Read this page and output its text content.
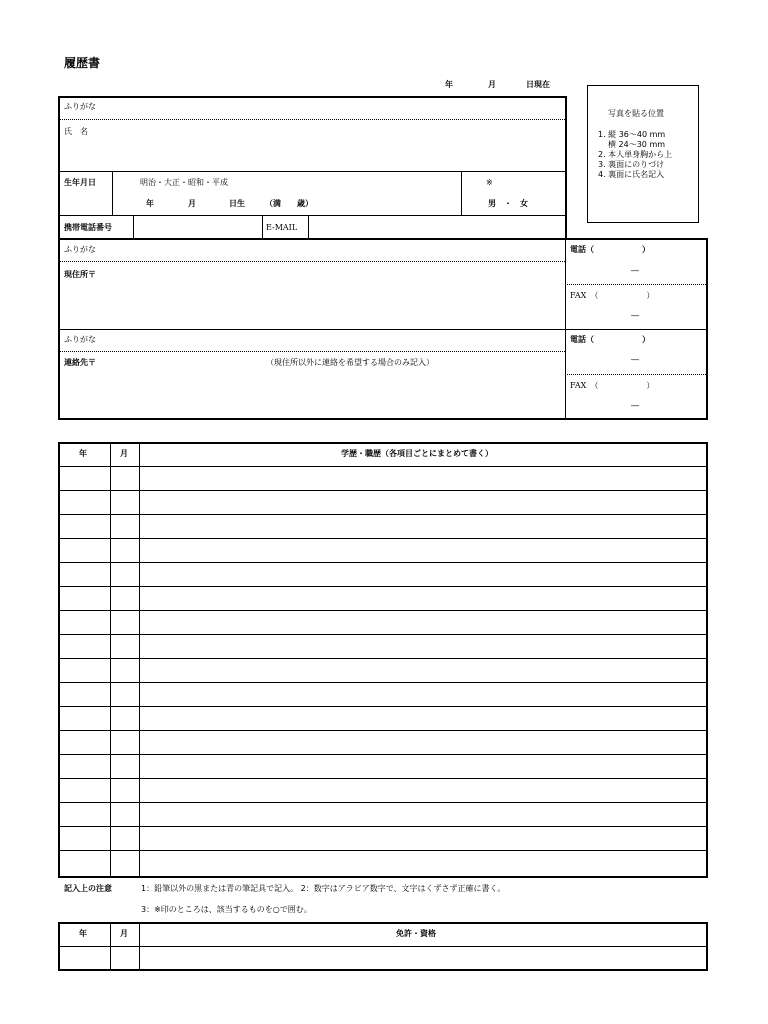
履歴書
年	月	日現在
写真を貼る位置
1. 縦 36～40 mm
横 24～30 mm
2. 本人単身胸から上
3. 裏面にのりづけ
4. 裏面に氏名記入
ふりがな
氏　名
生年月日	明治・大正・昭和・平成
年	月	日生	（満　　歳）
※
男　・　女
携帯電話番号	E-MAIL
ふりがな
現住所〒
ふりがな
連絡先〒	（現住所以外に連絡を希望する場合のみ記入）
電話（　　　　　　）
―
FAX　（　　　　　　）
―
電話（　　　　　　）
―
FAX　（　　　　　　）
―
年	月	学歴・職歴（各項目ごとにまとめて書く）
記入上の注意	1：鉛筆以外の黒または青の筆記具で記入。 2：数字はアラビア数字で、文字はくずさず正確に書く。
3：※印のところは、該当するものを○で囲む。
年	月	免許・資格
